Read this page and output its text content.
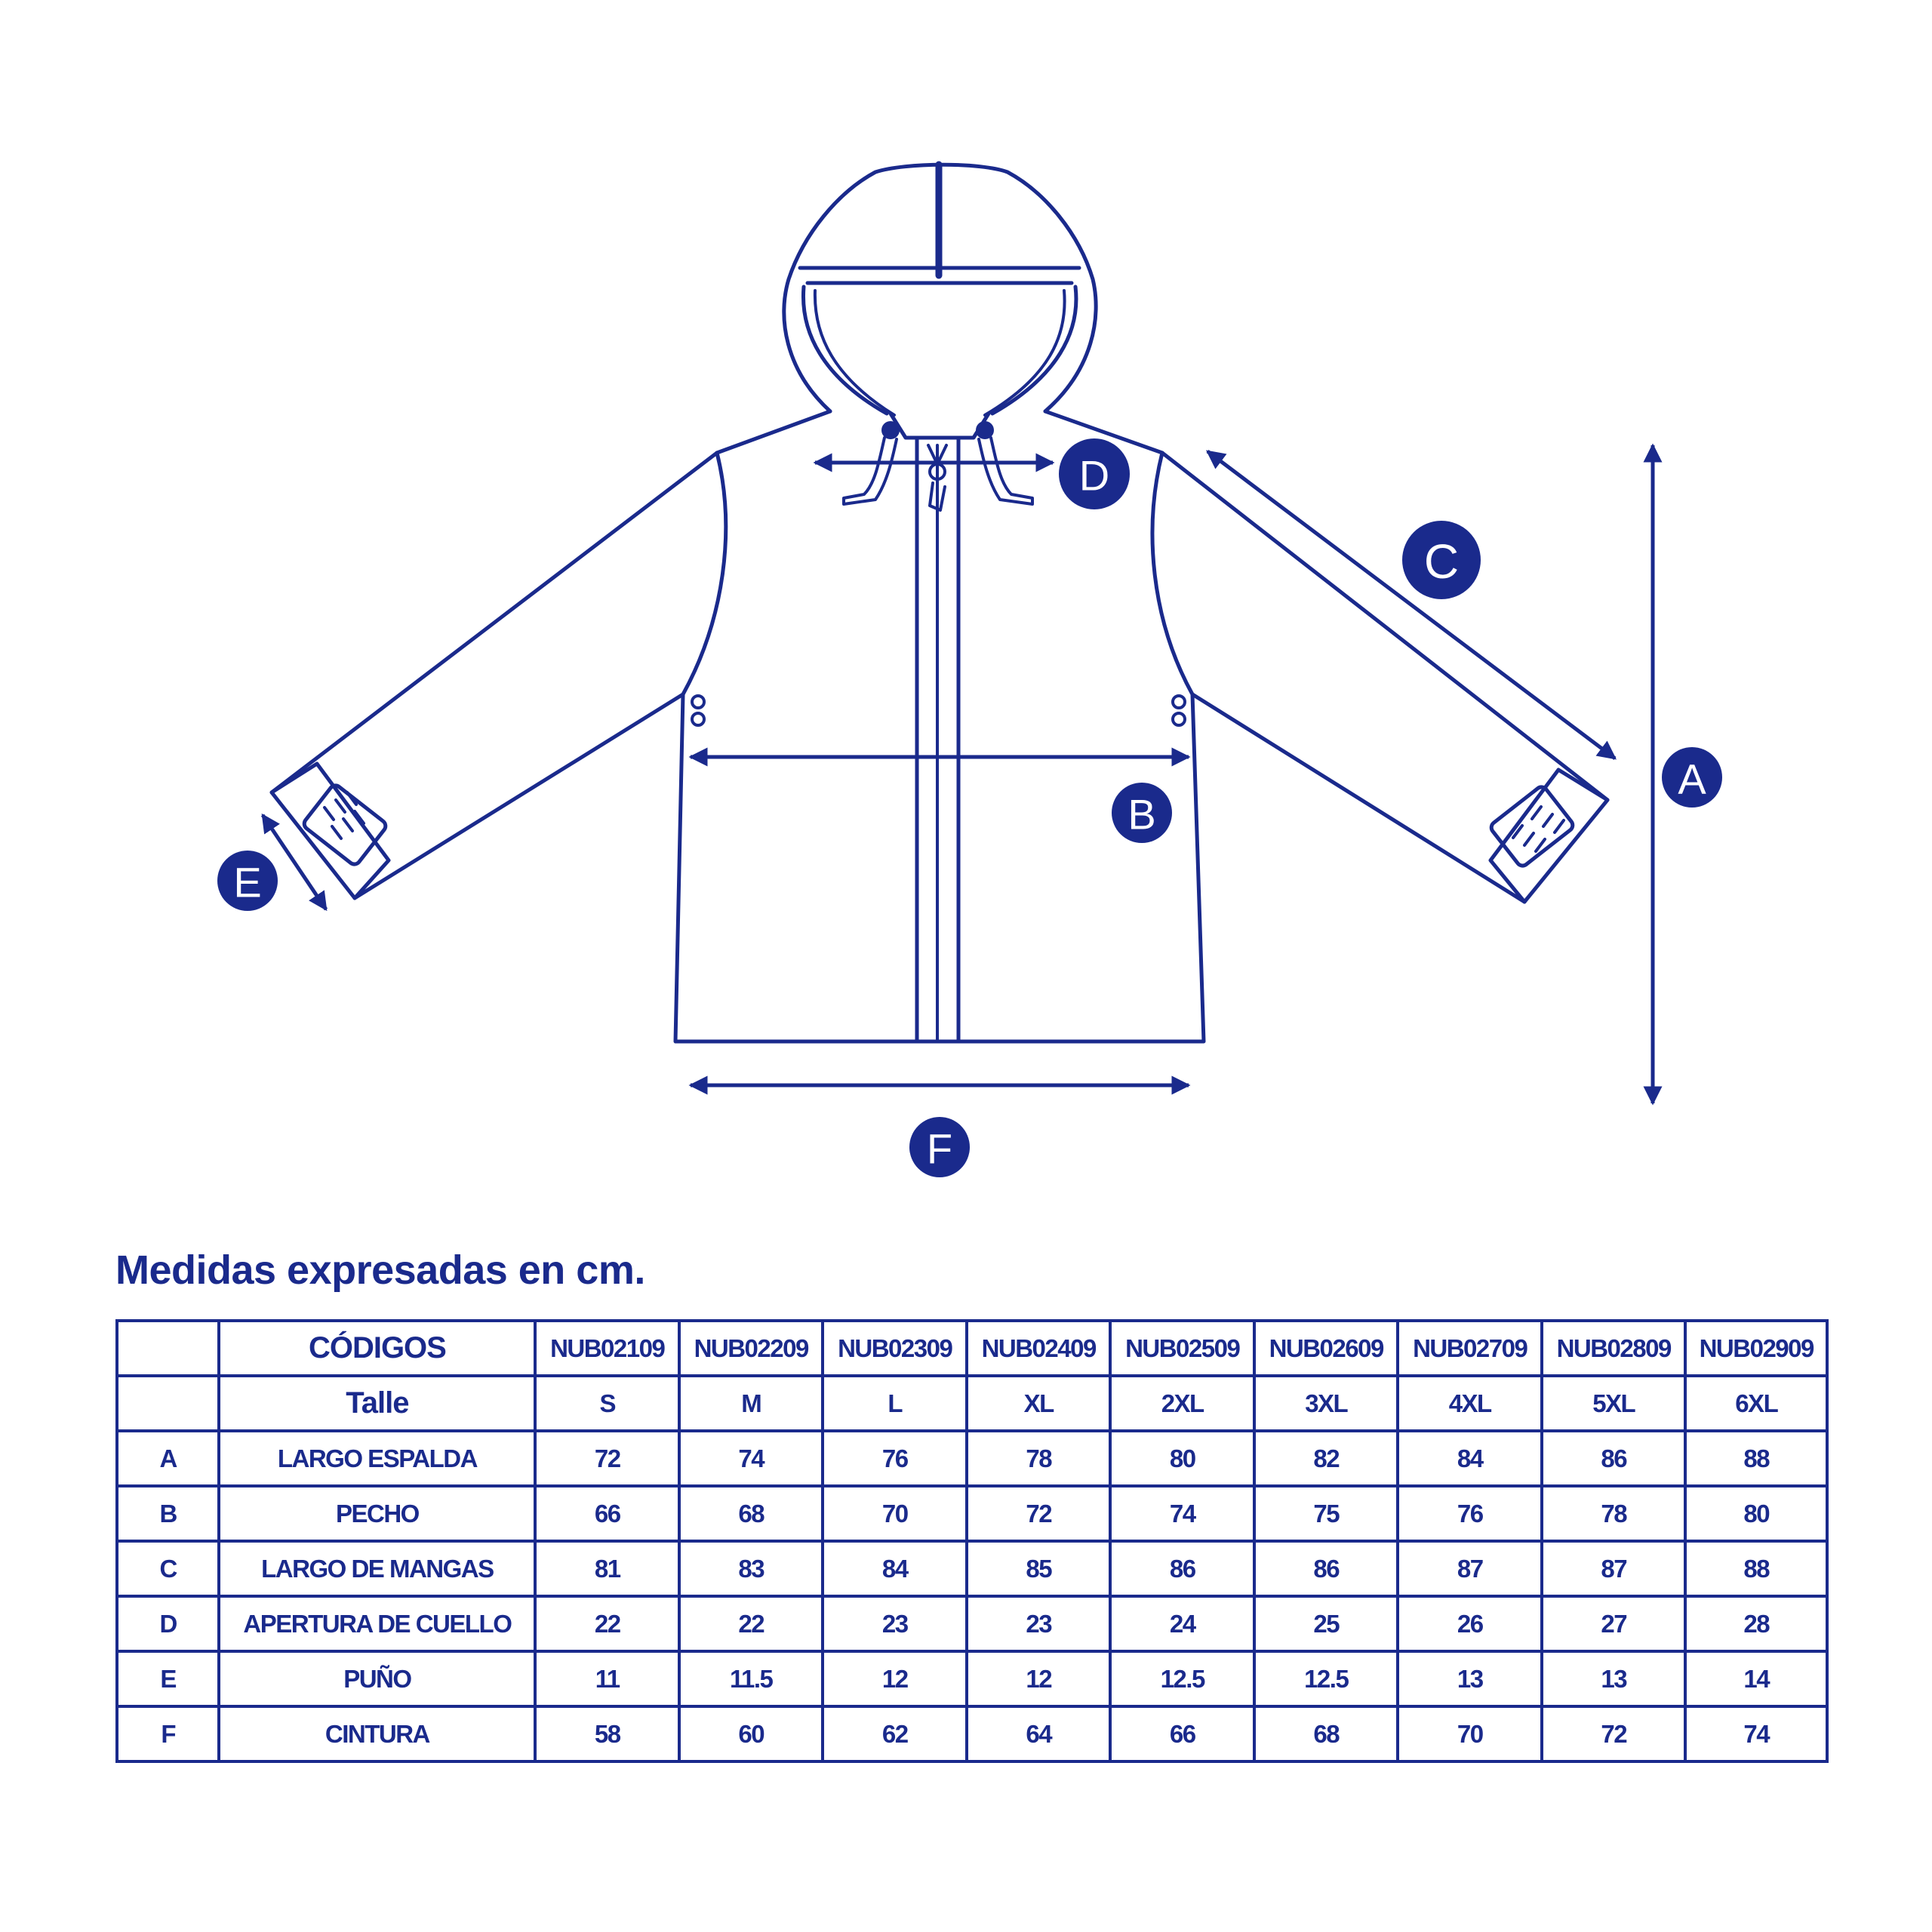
A
B
C
D
E
F
Medidas expresadas en cm.
	CÓDIGOS	NUB02109	NUB02209	NUB02309	NUB02409	NUB02509	NUB02609	NUB02709	NUB02809	NUB02909
	Talle	S	M	L	XL	2XL	3XL	4XL	5XL	6XL
A	LARGO ESPALDA	72	74	76	78	80	82	84	86	88
B	PECHO	66	68	70	72	74	75	76	78	80
C	LARGO DE MANGAS	81	83	84	85	86	86	87	87	88
D	APERTURA DE CUELLO	22	22	23	23	24	25	26	27	28
E	PUÑO	11	11.5	12	12	12.5	12.5	13	13	14
F	CINTURA	58	60	62	64	66	68	70	72	74
